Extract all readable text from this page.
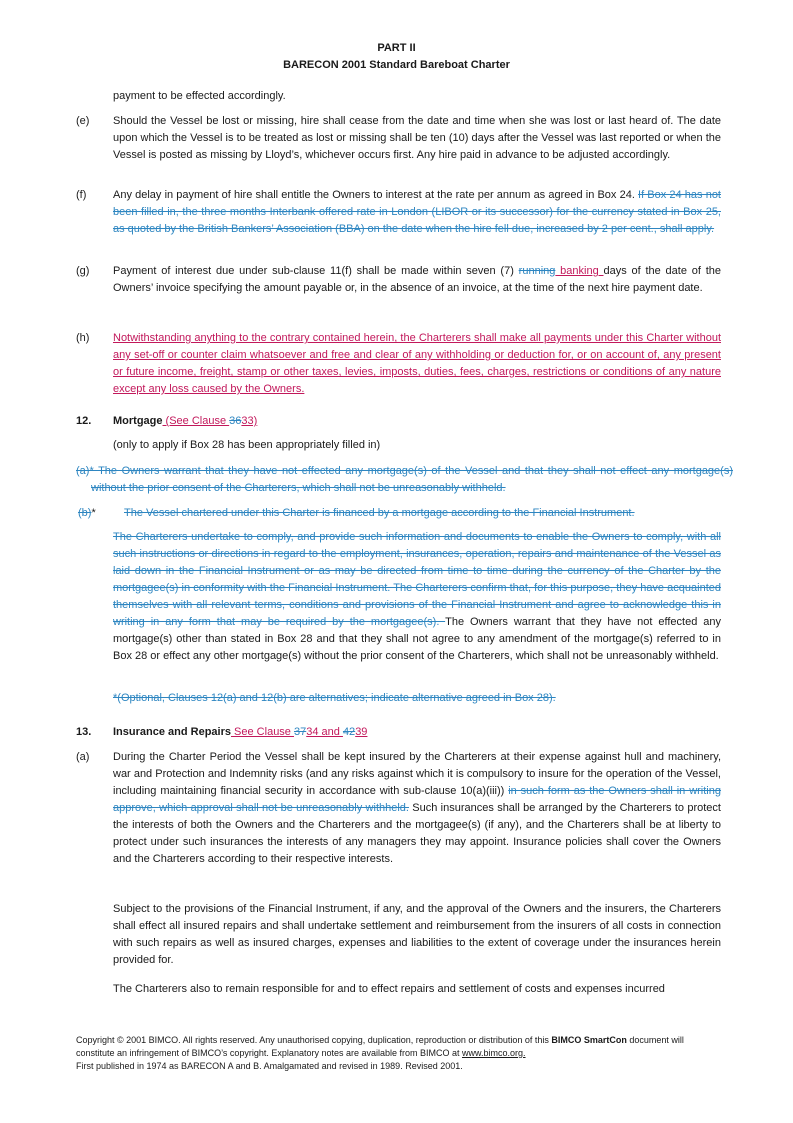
PART II
BARECON 2001 Standard Bareboat Charter

payment to be effected accordingly.

(e) Should the Vessel be lost or missing, hire shall cease from the date and time when she was lost or last heard of. The date upon which the Vessel is to be treated as lost or missing shall be ten (10) days after the Vessel was last reported or when the Vessel is posted as missing by Lloyd’s, whichever occurs first. Any hire paid in advance to be adjusted accordingly.

(f) Any delay in payment of hire shall entitle the Owners to interest at the rate per annum as agreed in Box 24. If Box 24 has not been filled in, the three months Interbank offered rate in London (LIBOR or its successor) for the currency stated in Box 25, as quoted by the British Bankers’ Association (BBA) on the date when the hire fell due, increased by 2 per cent., shall apply.

(g) Payment of interest due under sub-clause 11(f) shall be made within seven (7) running banking days of the date of the Owners’ invoice specifying the amount payable or, in the absence of an invoice, at the time of the next hire payment date.

(h) Notwithstanding anything to the contrary contained herein, the Charterers shall make all payments under this Charter without any set-off or counter claim whatsoever and free and clear of any withholding or deduction for, or on account of, any present or future income, freight, stamp or other taxes, levies, imposts, duties, fees, charges, restrictions or conditions of any nature except any loss caused by the Owners.

12. Mortgage (See Clause 3633)

(only to apply if Box 28 has been appropriately filled in)

(a)* The Owners warrant that they have not effected any mortgage(s) of the Vessel and that they shall not effect any mortgage(s) without the prior consent of the Charterers, which shall not be unreasonably withheld.

(b)*	The Vessel chartered under this Charter is financed by a mortgage according to the Financial Instrument.

The Charterers undertake to comply, and provide such information and documents to enable the Owners to comply, with all such instructions or directions in regard to the employment, insurances, operation, repairs and maintenance of the Vessel as laid down in the Financial Instrument or as may be directed from time to time during the currency of the Charter by the mortgagee(s) in conformity with the Financial Instrument. The Charterers confirm that, for this purpose, they have acquainted themselves with all relevant terms, conditions and provisions of the Financial Instrument and agree to acknowledge this in writing in any form that may be required by the mortgagee(s). The Owners warrant that they have not effected any mortgage(s) other than stated in Box 28 and that they shall not agree to any amendment of the mortgage(s) referred to in Box 28 or effect any other mortgage(s) without the prior consent of the Charterers, which shall not be unreasonably withheld.

*(Optional, Clauses 12(a) and 12(b) are alternatives; indicate alternative agreed in Box 28).

13. Insurance and Repairs See Clause 3734 and 4239

(a) During the Charter Period the Vessel shall be kept insured by the Charterers at their expense against hull and machinery, war and Protection and Indemnity risks (and any risks against which it is compulsory to insure for the operation of the Vessel, including maintaining financial security in accordance with sub-clause 10(a)(iii)) in such form as the Owners shall in writing approve, which approval shall not be unreasonably withheld. Such insurances shall be arranged by the Charterers to protect the interests of both the Owners and the Charterers and the mortgagee(s) (if any), and the Charterers shall be at liberty to protect under such insurances the interests of any managers they may appoint. Insurance policies shall cover the Owners and the Charterers according to their respective interests.

Subject to the provisions of the Financial Instrument, if any, and the approval of the Owners and the insurers, the Charterers shall effect all insured repairs and shall undertake settlement and reimbursement from the insurers of all costs in connection with such repairs as well as insured charges, expenses and liabilities to the extent of coverage under the insurances herein provided for.

The Charterers also to remain responsible for and to effect repairs and settlement of costs and expenses incurred

Copyright © 2001 BIMCO. All rights reserved. Any unauthorised copying, duplication, reproduction or distribution of this BIMCO SmartCon document will constitute an infringement of BIMCO’s copyright. Explanatory notes are available from BIMCO at www.bimco.org.
First published in 1974 as BARECON A and B. Amalgamated and revised in 1989. Revised 2001.
